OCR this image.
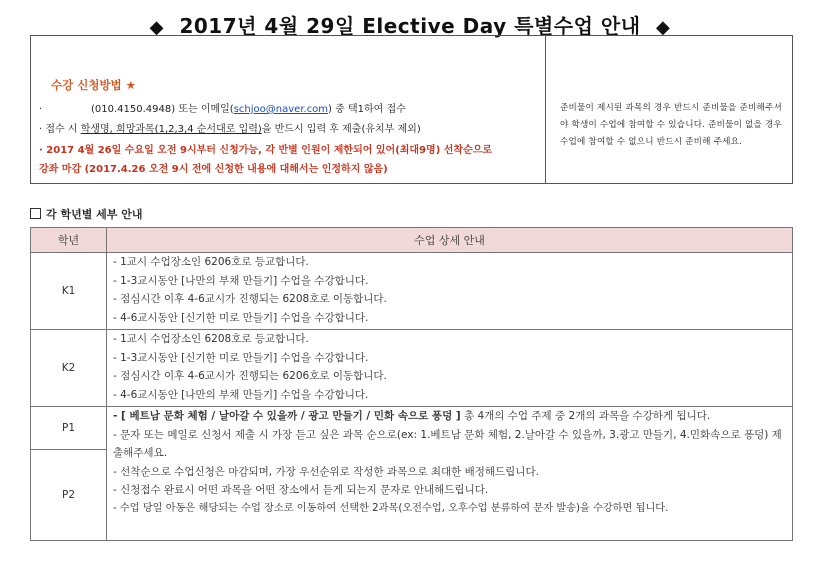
◆ 2017년 4월 29일 Elective Day 특별수업 안내 ◆
수강 신청방법 ★
·	(010.4150.4948) 또는 이메일(schjoo@naver.com) 중 택1하여 접수
· 접수 시 학생명, 희망과목(1,2,3,4 순서대로 입력)을 반드시 입력 후 제출(유치부 제외)
· 2017 4월 26일 수요일 오전 9시부터 신청가능, 각 반별 인원이 제한되어 있어(최대9명) 선착순으로
강좌 마감 (2017.4.26 오전 9시 전에 신청한 내용에 대해서는 인정하지 않음)
준비물이 제시된 과목의 경우 반드시 준비물을 준비해주셔야 학생이 수업에 참여할 수 있습니다. 준비물이 없을 경우 수업에 참여할 수 없으니 반드시 준비해 주세요.
각 학년별 세부 안내
학년	수업 상세 안내
K1	- 1교시 수업장소인 6206호로 등교합니다.
- 1-3교시동안 [나만의 부채 만들기] 수업을 수강합니다.
- 점심시간 이후 4-6교시가 진행되는 6208호로 이동합니다.
- 4-6교시동안 [신기한 미로 만들기] 수업을 수강합니다.

K2	- 1교시 수업장소인 6208호로 등교합니다.
- 1-3교시동안 [신기한 미로 만들기] 수업을 수강합니다.
- 점심시간 이후 4-6교시가 진행되는 6206호로 이동합니다.
- 4-6교시동안 [나만의 부채 만들기] 수업을 수강합니다.

P1	- [ 베트남 문화 체험 / 날아갈 수 있을까 / 광고 만들기 / 민화 속으로 퐁덩 ] 총 4개의 수업 주제 중 2개의 과목을 수강하게 됩니다.
- 문자 또는 메일로 신청서 제출 시 가장 듣고 싶은 과목 순으로(ex: 1.베트남 문화 체험, 2.날아갈 수 있을까, 3.광고 만들기, 4.민화속으로 퐁덩) 제출해주세요.
- 선착순으로 수업신청은 마감되며, 가장 우선순위로 작성한 과목으로 최대한 배정해드립니다.
- 신청접수 완료시 어떤 과목을 어떤 장소에서 듣게 되는지 문자로 안내해드립니다.
- 수업 당일 아동은 해당되는 수업 장소로 이동하여 선택한 2과목(오전수업, 오후수업 분류하여 문자 발송)을 수강하면 됩니다.

P2	
